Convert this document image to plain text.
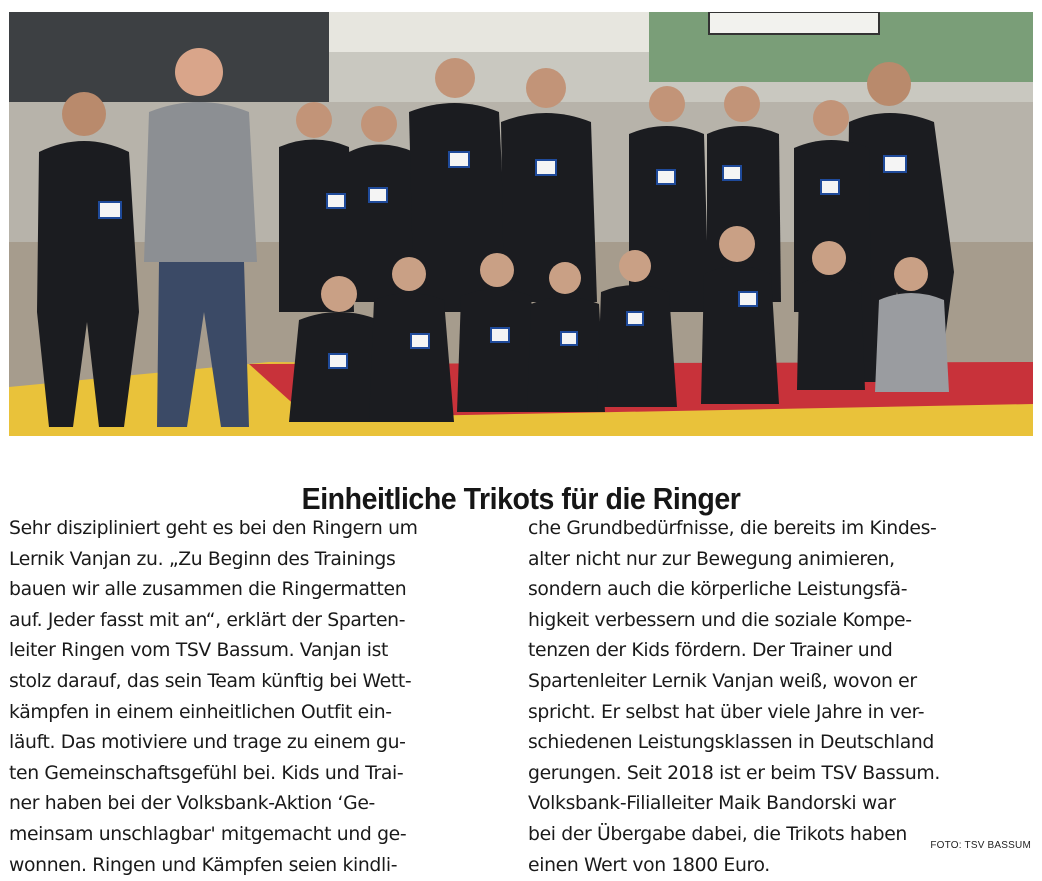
Einheitliche Trikots für die Ringer
Sehr diszipliniert geht es bei den Ringern um
Lernik Vanjan zu. „Zu Beginn des Trainings
bauen wir alle zusammen die Ringermatten
auf. Jeder fasst mit an“, erklärt der Sparten-
leiter Ringen vom TSV Bassum. Vanjan ist
stolz darauf, das sein Team künftig bei Wett-
kämpfen in einem einheitlichen Outfit ein-
läuft. Das motiviere und trage zu einem gu-
ten Gemeinschaftsgefühl bei. Kids und Trai-
ner haben bei der Volksbank-Aktion ‘Ge-
meinsam unschlagbar' mitgemacht und ge-
wonnen. Ringen und Kämpfen seien kindli-
che Grundbedürfnisse, die bereits im Kindes-
alter nicht nur zur Bewegung animieren,
sondern auch die körperliche Leistungsfä-
higkeit verbessern und die soziale Kompe-
tenzen der Kids fördern. Der Trainer und
Spartenleiter Lernik Vanjan weiß, wovon er
spricht. Er selbst hat über viele Jahre in ver-
schiedenen Leistungsklassen in Deutschland
gerungen. Seit 2018 ist er beim TSV Bassum.
Volksbank-Filialleiter Maik Bandorski war
bei der Übergabe dabei, die Trikots haben
einen Wert von 1800 Euro.
FOTO: TSV BASSUM
